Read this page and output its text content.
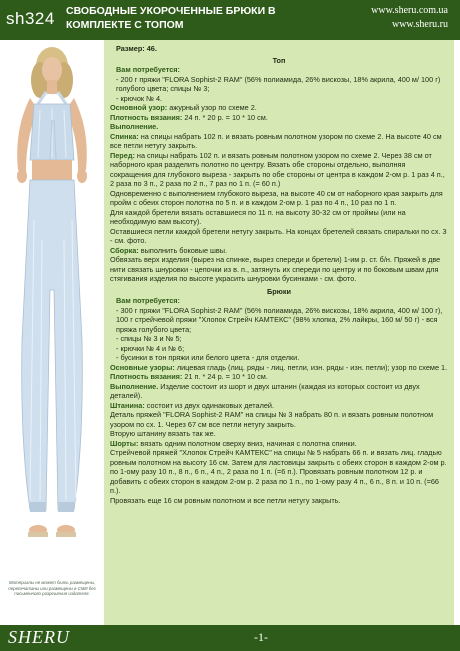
sh324 СВОБОДНЫЕ УКОРОЧЕННЫЕ БРЮКИ В
КОМПЛЕКТЕ С ТОПОМ
www.sheru.com.ua
www.sheru.ru
Материалы не может быть размещены, перепечатаны или размещены в СМИ без письменного разрешения издателя.

Размер: 46.

Топ

Вам потребуется:

- 200 г пряжи "FLORA Sophist-2 RAM" (56% полиамида, 26% вискозы, 18% акрила, 400 м/ 100 г) голубого цвета; спицы № 3;

- крючок № 4.

Основной узор: ажурный узор по схеме 2.

Плотность вязания: 24 п. * 20 р. = 10 * 10 см.

Выполнение.

Спинка: на спицы набрать 102 п. и вязать ровным полотном узором по схеме 2. На высоте 40 см все петли нетугу закрыть.

Перед: на спицы набрать 102 п. и вязать ровным полотном узором по схеме 2. Через 38 см от наборного края разделить полотно по центру. Вязать обе стороны отдельно, выполняя сокращения для глубокого выреза - закрыть по обе стороны от центра в каждом 2-ом р. 1 раз 4 п., 2 раза по 3 п., 2 раза по 2 п., 7 раз по 1 п. (= 60 п.)

Одновременно с выполнением глубокого выреза, на высоте 40 см от наборного края закрыть для пройм с обеих сторон полотна по 5 п. и в каждом 2-ом р. 1 раз по 4 п., 10 раз по 1 п.

Для каждой бретели вязать оставшиеся по 11 п. на высоту 30-32 см от проймы (или на необходимую вам высоту).

Оставшиеся петли каждой бретели нетугу закрыть. На концах бретелей связать спиральки по сх. 3 - см. фото.

Сборка: выполнить боковые швы.

Обвязать верх изделия (вырез на спинке, вырез спереди и бретели) 1-им р. ст. б/н. Пряжей в две нити связать шнуровки - цепочки из в. п., затянуть их спереди по центру и по боковым швам для стягивания изделия по высоте украсить шнуровки бусинками - см. фото.

Брюки

Вам потребуется:

- 300 г пряжи "FLORA Sophist-2 RAM" (56% полиамида, 26% вискозы, 18% акрила, 400 м/ 100 г), 100 г стрейчевой пряжи "Хлопок Стрейч КАМТЕКС" (98% хлопка, 2% лайкры, 160 м/ 50 г) - вся пряжа голубого цвета;

- спицы № 3 и № 5;

- крючки № 4 и № 6;

- бусинки в тон пряжи или белого цвета - для отделки.

Основные узоры: лицевая гладь (лиц. ряды - лиц. петли, изн. ряды - изн. петли); узор по схеме 1.

Плотность вязания: 21 п. * 24 р. = 10 * 10 см.

Выполнение. Изделие состоит из шорт и двух штанин (каждая из которых состоит из двух деталей).

Штанина: состоит из двух одинаковых деталей.

Деталь пряжей "FLORA Sophist-2 RAM" на спицы № 3 набрать 80 п. и вязать ровным полотном узором по сх. 1. Через 67 см все петли нетугу закрыть.

Вторую штанину вязать так же.

Шорты: вязать одним полотном сверху вниз, начиная с полотна спинки.

Стрейчевой пряжей "Хлопок Стрейч КАМТЕКС" на спицы № 5 набрать 66 п. и вязать лиц. гладью ровным полотном на высоту 16 см. Затем для ластовицы закрыть с обеих сторон в каждом 2-ом р. по 1-ому разу 10 п., 8 п., 6 п., 4 п., 2 раза по 1 п. (=6 п.). Провязать ровным полотном 12 р. и добавить с обеих сторон в каждом 2-ом р. 2 раза по 1 п., по 1-ому разу 4 п., 6 п., 8 п. и 10 п. (=66 п.).

Провязать еще 16 см ровным полотном и все петли нетугу закрыть.

SHERU	-1-
